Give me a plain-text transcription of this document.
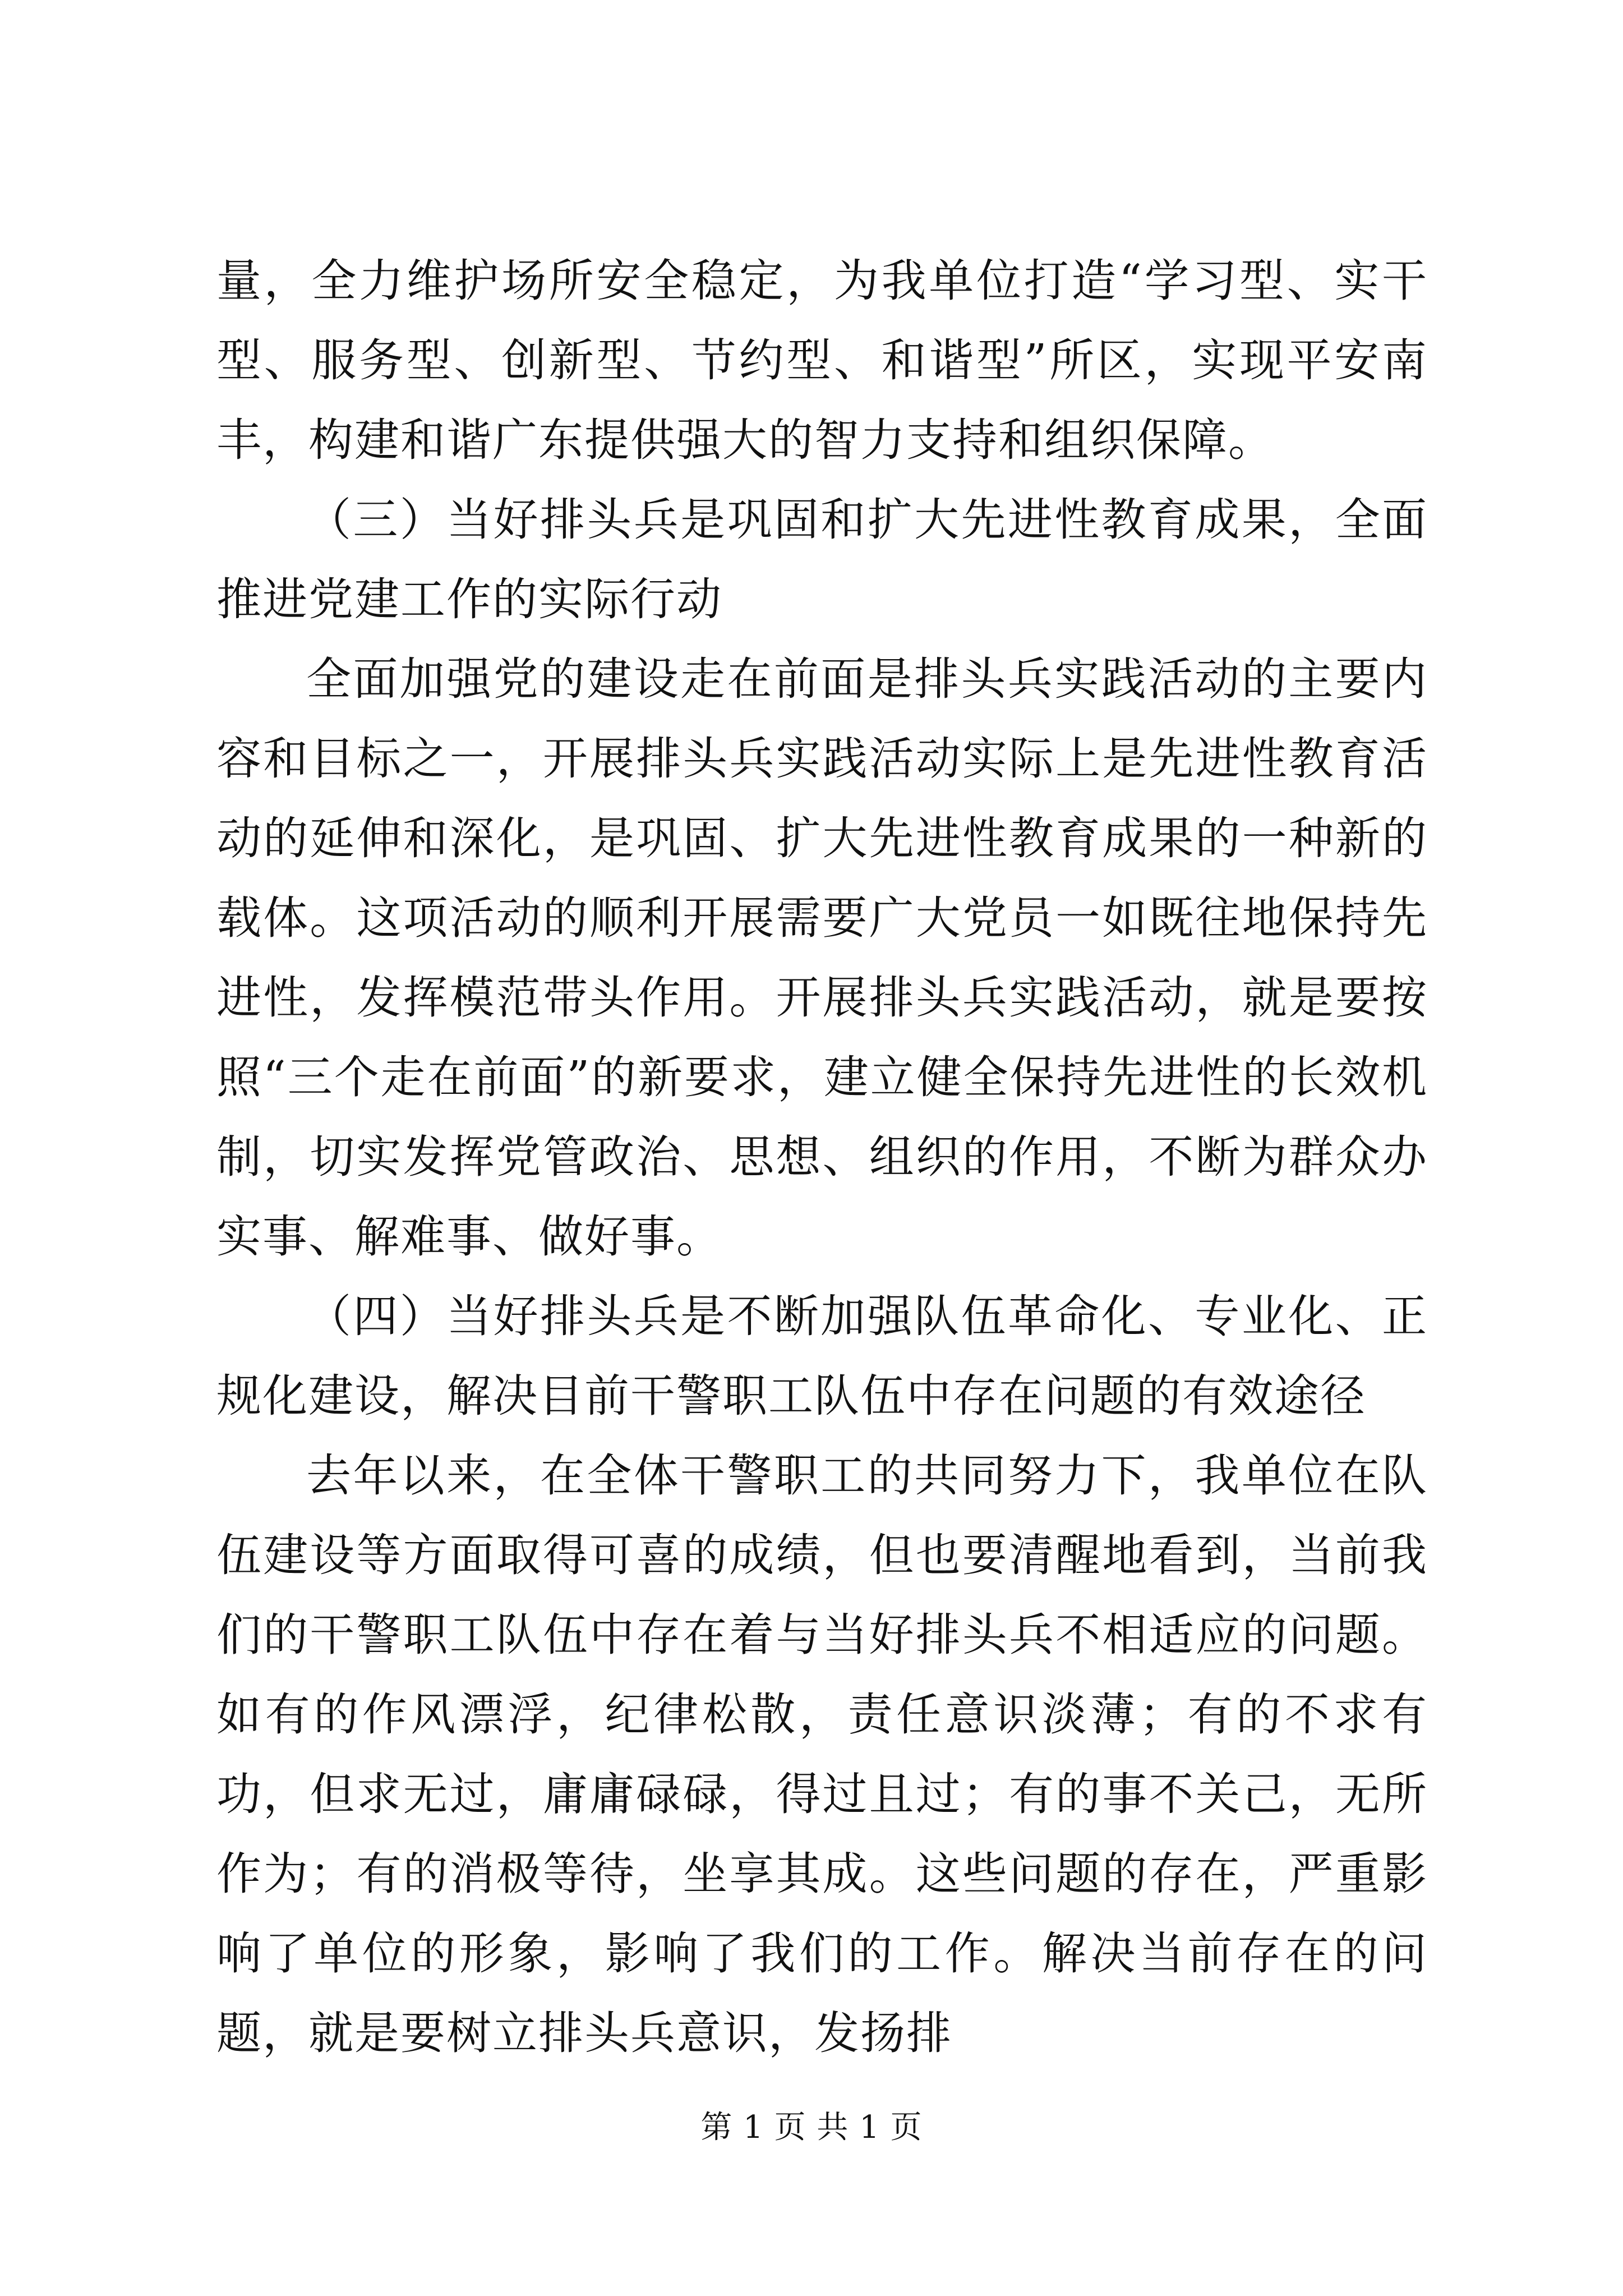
量，全力维护场所安全稳定，为我单位打造“学习型、实干型、服务型、创新型、节约型、和谐型”所区，实现平安南丰，构建和谐广东提供强大的智力支持和组织保障。

（三）当好排头兵是巩固和扩大先进性教育成果，全面推进党建工作的实际行动

全面加强党的建设走在前面是排头兵实践活动的主要内容和目标之一，开展排头兵实践活动实际上是先进性教育活动的延伸和深化，是巩固、扩大先进性教育成果的一种新的载体。这项活动的顺利开展需要广大党员一如既往地保持先进性，发挥模范带头作用。开展排头兵实践活动，就是要按照“三个走在前面”的新要求，建立健全保持先进性的长效机制，切实发挥党管政治、思想、组织的作用，不断为群众办实事、解难事、做好事。

（四）当好排头兵是不断加强队伍革命化、专业化、正规化建设，解决目前干警职工队伍中存在问题的有效途径

去年以来，在全体干警职工的共同努力下，我单位在队伍建设等方面取得可喜的成绩，但也要清醒地看到，当前我们的干警职工队伍中存在着与当好排头兵不相适应的问题。如有的作风漂浮，纪律松散，责任意识淡薄；有的不求有功，但求无过，庸庸碌碌，得过且过；有的事不关己，无所作为；有的消极等待，坐享其成。这些问题的存在，严重影响了单位的形象，影响了我们的工作。解决当前存在的问题，就是要树立排头兵意识，发扬排

第 1 页 共 1 页
